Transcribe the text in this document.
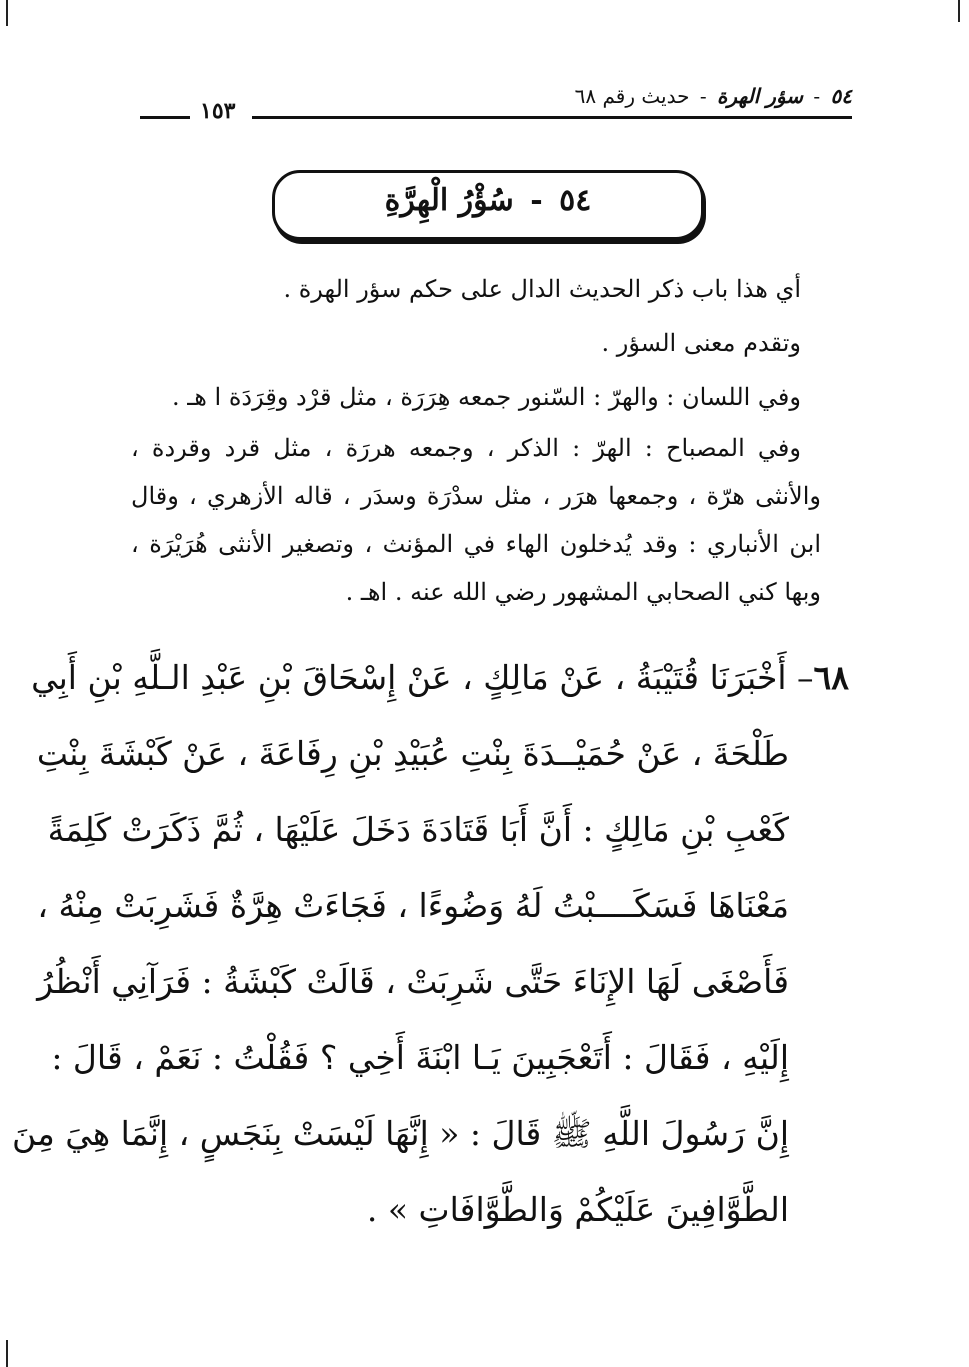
٥٤ - سؤر الهرة - حديث رقم ٦٨
١٥٣
٥٤ - سُؤْرُ الْهِرَّةِ
أي هذا باب ذكر الحديث الدال على حكم سؤر الهرة .
وتقدم معنى السؤر .
وفي اللسان : والهرّ : السّنور جمعه هِرَرَة ، مثل قرْد وقِرَدَة ا هـ .
وفي المصباح : الهرّ : الذكر ، وجمعه هررَة ، مثل قرد وقردة ،
والأنثى هرّة ، وجمعها هرَر ، مثل سدْرَة وسدَر ، قاله الأزهري ، وقال
ابن الأنباري : وقد يُدخلون الهاء في المؤنث ، وتصغير الأنثى هُرَيْرَة ،
وبها كني الصحابي المشهور رضي الله عنه . اهـ .
٦٨– أَخْبَرَنَا قُتَيْبَةُ ، عَنْ مَالِكٍ ، عَنْ إِسْحَاقَ بْنِ عَبْدِ الـلَّهِ بْنِ أَبِي
طَلْحَةَ ، عَنْ حُمَيْــدَةَ بِنْتِ عُبَيْدِ بْنِ رِفَاعَةَ ، عَنْ كَبْشَةَ بِنْتِ
كَعْبِ بْنِ مَالِكٍ : أَنَّ أَبَا قَتَادَةَ دَخَلَ عَلَيْهَا ، ثُمَّ ذَكَرَتْ كَلِمَةً
مَعْنَاهَا فَسَكَــــبْتُ لَهُ وَضُوءًا ، فَجَاءَتْ هِرَّةٌ فَشَرِبَتْ مِنْهُ ،
فَأَصْغَى لَهَا الإِنَاءَ حَتَّى شَرِبَتْ ، قَالَتْ كَبْشَةُ : فَرَآنِي أَنْظُرُ
إِلَيْهِ ، فَقَالَ : أَتَعْجَبِينَ يَـا ابْنَةَ أَخِي ؟ فَقُلْتُ : نَعَمْ ، قَالَ :
إِنَّ رَسُولَ اللَّهِ ﷺ قَالَ : « إِنَّهَا لَيْسَتْ بِنَجَسٍ ، إِنَّمَا هِيَ مِنَ
الطَّوَّافِينَ عَلَيْكُمْ وَالطَّوَّافَاتِ » .
